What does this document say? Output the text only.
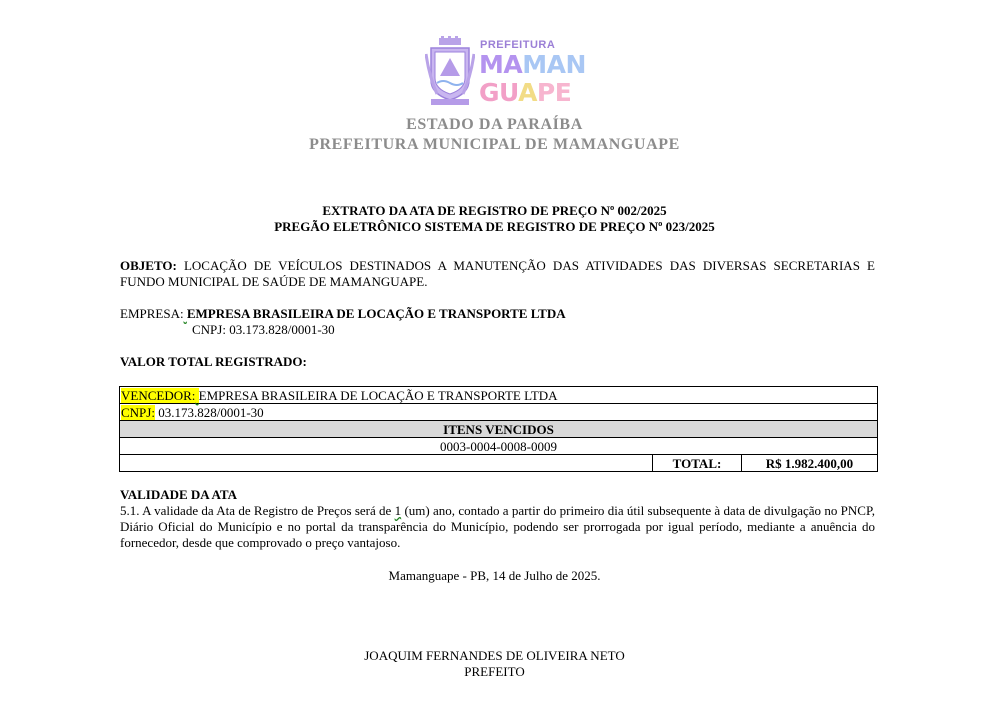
PREFEITURA
MAMAN
GUAPE
ESTADO DA PARAÍBA
PREFEITURA MUNICIPAL DE MAMANGUAPE
EXTRATO DA ATA DE REGISTRO DE PREÇO Nº 002/2025
PREGÃO ELETRÔNICO SISTEMA DE REGISTRO DE PREÇO Nº 023/2025
OBJETO: LOCAÇÃO DE VEÍCULOS DESTINADOS A MANUTENÇÃO DAS ATIVIDADES DAS DIVERSAS SECRETARIAS E FUNDO MUNICIPAL DE SAÚDE DE MAMANGUAPE.
EMPRESA: EMPRESA BRASILEIRA DE LOCAÇÃO E TRANSPORTE LTDA
CNPJ: 03.173.828/0001-30
VALOR TOTAL REGISTRADO:
VENCEDOR: EMPRESA BRASILEIRA DE LOCAÇÃO E TRANSPORTE LTDA
CNPJ: 03.173.828/0001-30
ITENS VENCIDOS
0003-0004-0008-0009
	TOTAL:	R$ 1.982.400,00
VALIDADE DA ATA
5.1. A validade da Ata de Registro de Preços será de 1 (um) ano, contado a partir do primeiro dia útil subsequente à data de divulgação no PNCP, Diário Oficial do Município e no portal da transparência do Município, podendo ser prorrogada por igual período, mediante a anuência do fornecedor, desde que comprovado o preço vantajoso.
Mamanguape - PB, 14 de Julho de 2025.
JOAQUIM FERNANDES DE OLIVEIRA NETO
PREFEITO
